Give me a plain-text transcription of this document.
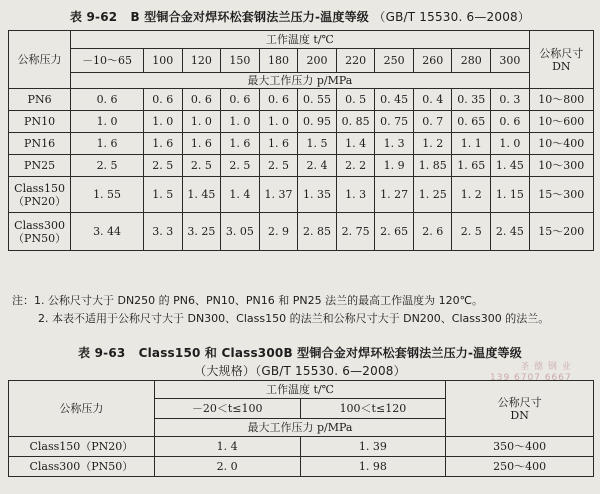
表 9-62 B 型铜合金对焊环松套钢法兰压力-温度等级 （GB/T 15530. 6—2008）
公称压力	工作温度 t/℃											公称尺寸
DN

	－10～65	100	120	150	180	200	220	250	260	280	300	
	最大工作压力 p/MPa											
PN6	0. 6	0. 6	0. 6	0. 6	0. 6	0. 55	0. 5	0. 45	0. 4	0. 35	0. 3	10～800
PN10	1. 0	1. 0	1. 0	1. 0	1. 0	0. 95	0. 85	0. 75	0. 7	0. 65	0. 6	10～600
PN16	1. 6	1. 6	1. 6	1. 6	1. 6	1. 5	1. 4	1. 3	1. 2	1. 1	1. 0	10～400
PN25	2. 5	2. 5	2. 5	2. 5	2. 5	2. 4	2. 2	1. 9	1. 85	1. 65	1. 45	10～300

Class150
（PN20）	1. 55	1. 5	1. 45	1. 4	1. 37	1. 35	1. 3	1. 27	1. 25	1. 2	1. 15	15～300

Class300
（PN50）	3. 44	3. 3	3. 25	3. 05	2. 9	2. 85	2. 75	2. 65	2. 6	2. 5	2. 45	15～200
注：1. 公称尺寸大于 DN250 的 PN6、PN10、PN16 和 PN25 法兰的最高工作温度为 120℃。
2. 本表不适用于公称尺寸大于 DN300、Class150 的法兰和公称尺寸大于 DN200、Class300 的法兰。
表 9-63 Class150 和 Class300B 型铜合金对焊环松套钢法兰压力-温度等级
（大规格）（GB/T 15530. 6—2008）	圣 德 钢 业
139 6707 6667
公称压力	工作温度 t/℃		公称尺寸
DN

	－20＜t≤100	100＜t≤120	
	最大工作压力 p/MPa		
Class150（PN20）	1. 4	1. 39	350～400
Class300（PN50）	2. 0	1. 98	250～400
